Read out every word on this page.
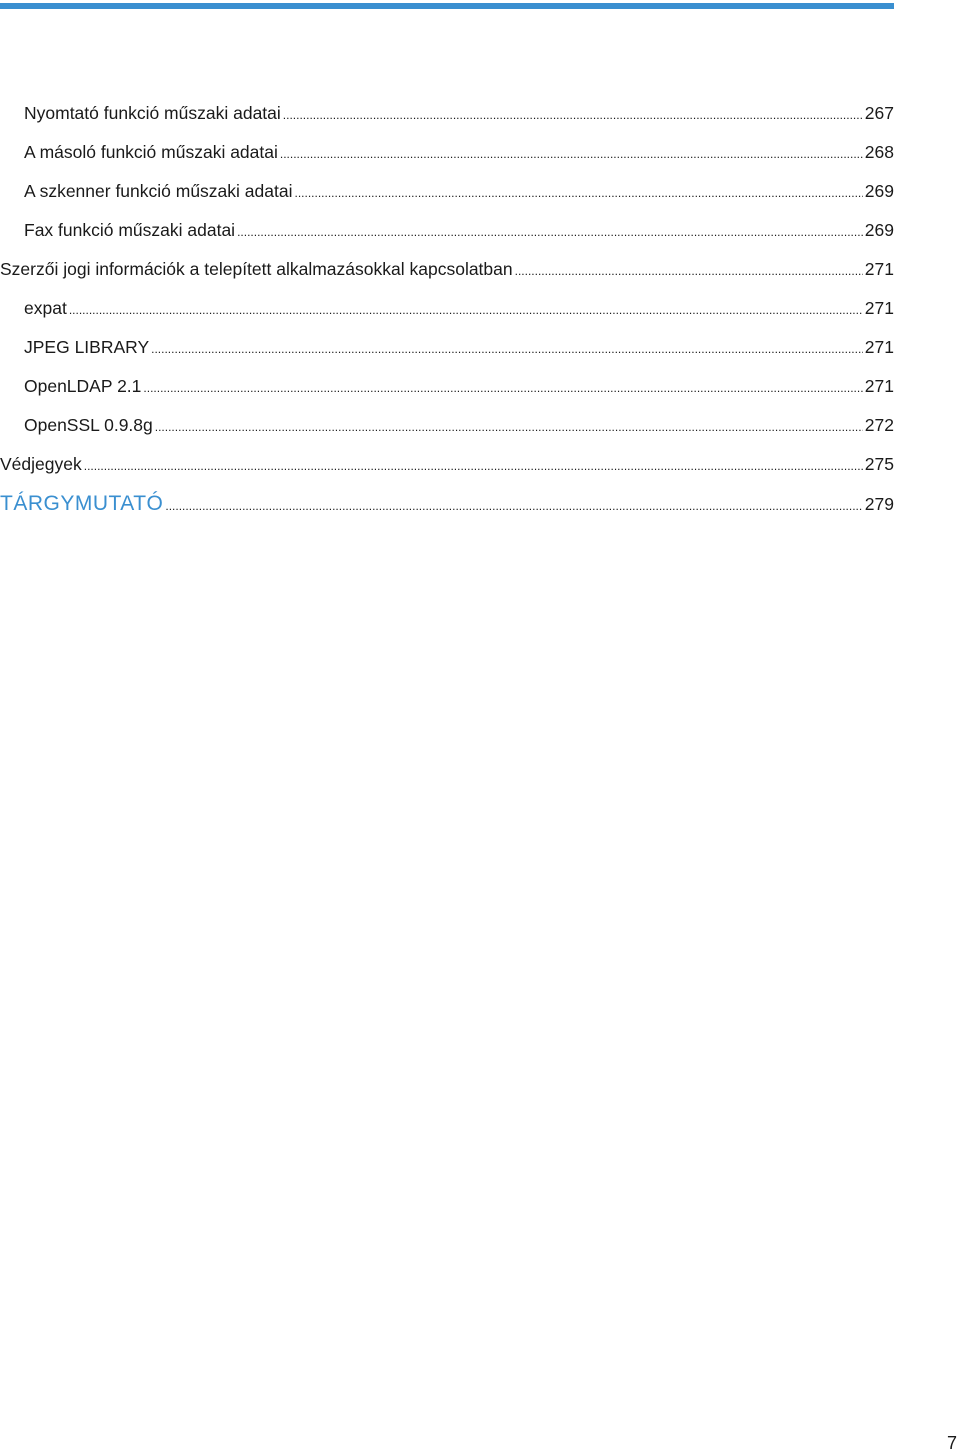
Nyomtató funkció műszaki adatai .....	267
A másoló funkció műszaki adatai .....	268
A szkenner funkció műszaki adatai .....	269
Fax funkció műszaki adatai .....	269
Szerzői jogi információk a telepített alkalmazásokkal kapcsolatban .....	271
expat .....	271
JPEG LIBRARY .....	271
OpenLDAP 2.1 .....	271
OpenSSL 0.9.8g .....	272
Védjegyek .....	275
TÁRGYMUTATÓ .....	279
7
